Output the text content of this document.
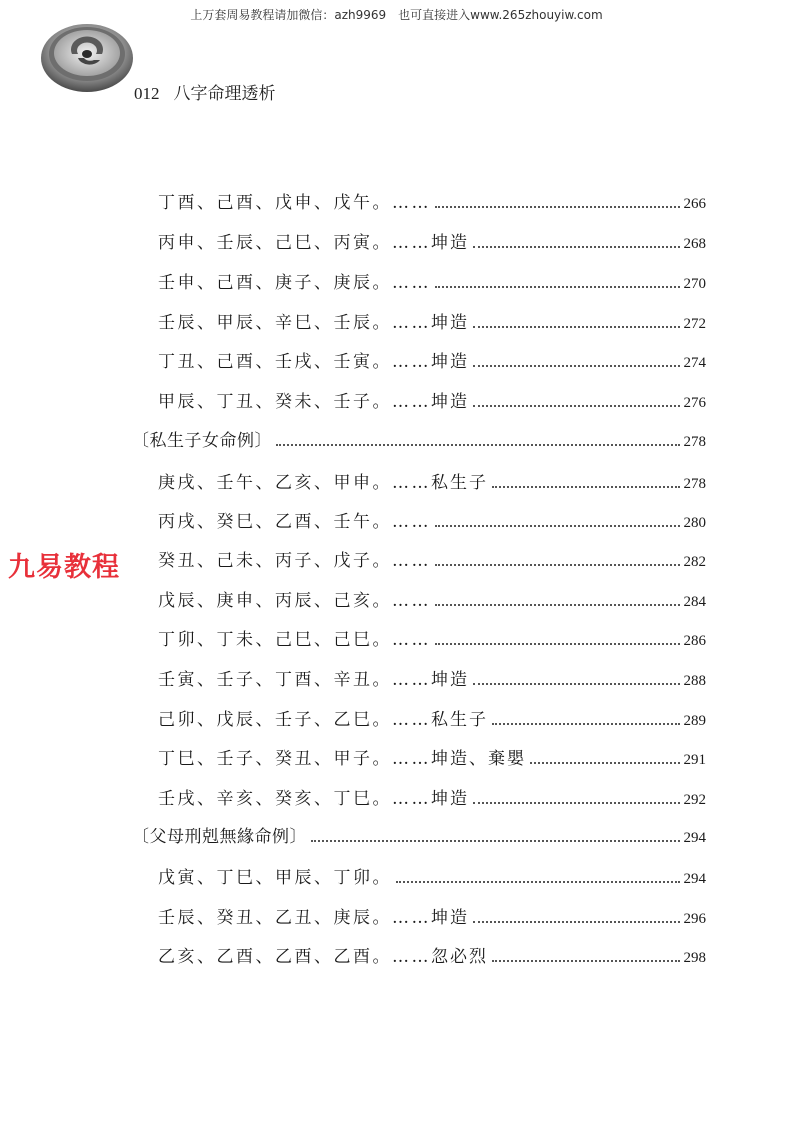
上万套周易教程请加微信：azh9969　也可直接进入www.265zhouyiw.com
012 八字命理透析
九易教程
丁酉、己酉、戊申、戊午。……	266
丙申、壬辰、己巳、丙寅。…… 坤造	268
壬申、己酉、庚子、庚辰。……	270
壬辰、甲辰、辛巳、壬辰。…… 坤造	272
丁丑、己酉、壬戌、壬寅。…… 坤造	274
甲辰、丁丑、癸未、壬子。…… 坤造	276
〔私生子女命例〕	278
庚戌、壬午、乙亥、甲申。…… 私生子	278
丙戌、癸巳、乙酉、壬午。……	280
癸丑、己未、丙子、戊子。……	282
戊辰、庚申、丙辰、己亥。……	284
丁卯、丁未、己巳、己巳。……	286
壬寅、壬子、丁酉、辛丑。…… 坤造	288
己卯、戊辰、壬子、乙巳。…… 私生子	289
丁巳、壬子、癸丑、甲子。…… 坤造、棄嬰	291
壬戌、辛亥、癸亥、丁巳。…… 坤造	292
〔父母刑剋無緣命例〕	294
戊寅、丁巳、甲辰、丁卯。	294
壬辰、癸丑、乙丑、庚辰。…… 坤造	296
乙亥、乙酉、乙酉、乙酉。…… 忽必烈	298
